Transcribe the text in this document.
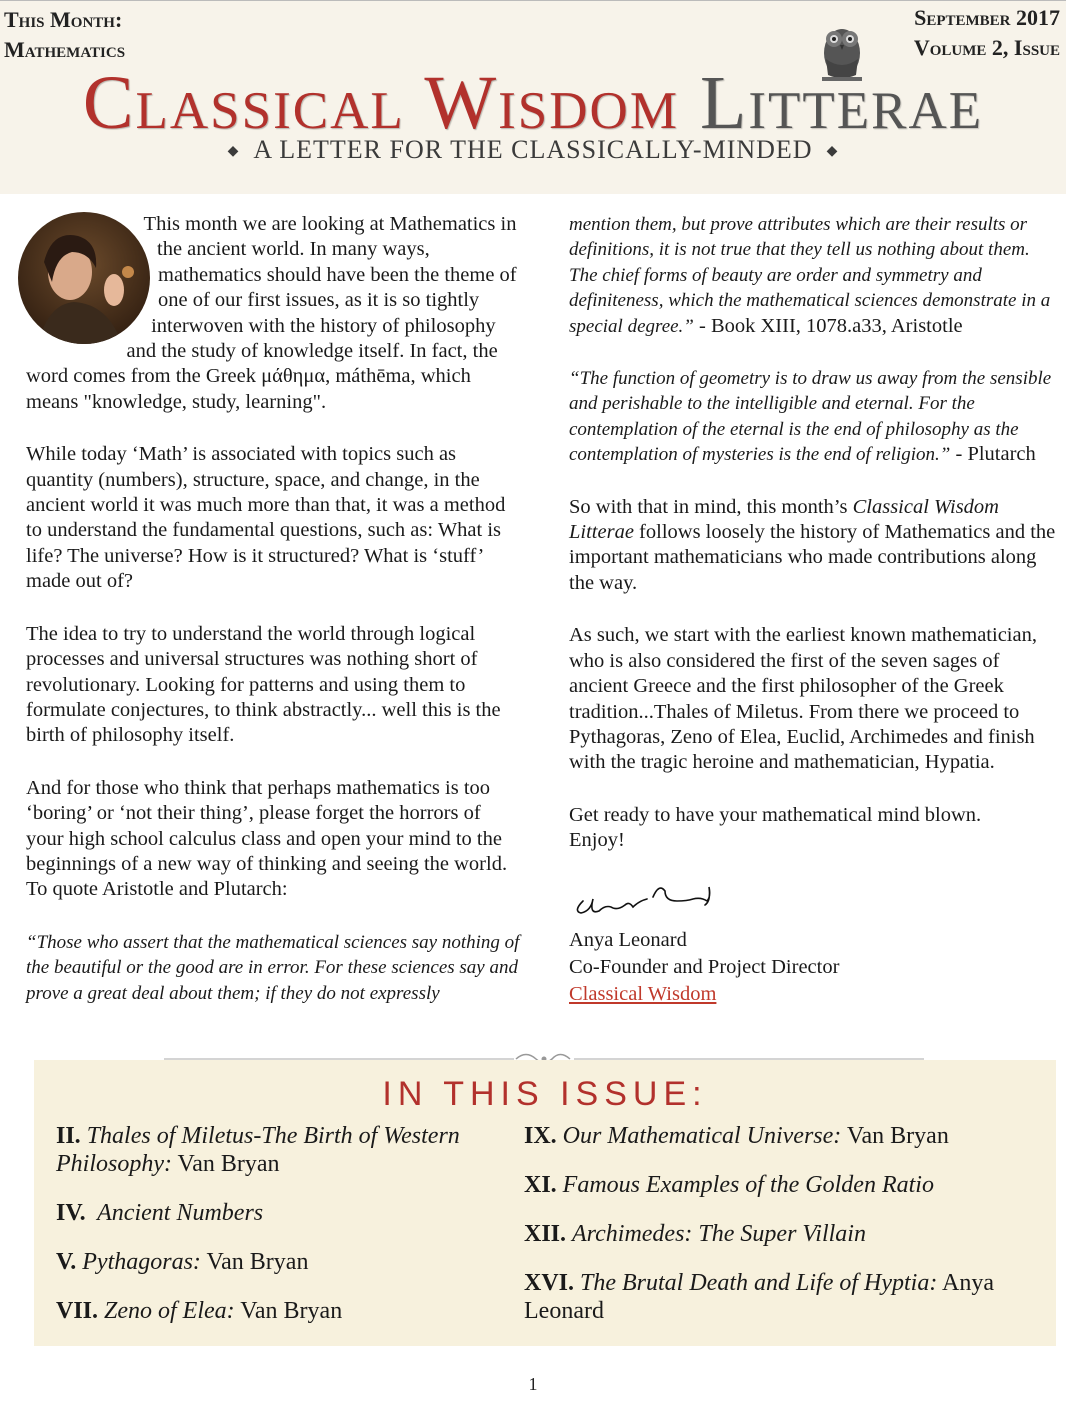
This Month:
Mathematics
September 2017
Volume 2, Issue
Classical Wisdom Litterae
◆ A LETTER FOR THE CLASSICALLY-MINDED ◆

This month we are looking at Mathematics in the ancient world. In many ways, mathematics should have been the theme of one of our first issues, as it is so tightly interwoven with the history of philosophy and the study of knowledge itself. In fact, the word comes from the Greek μάθημα, máthēma, which means "knowledge, study, learning".

While today ‘Math’ is associated with topics such as quantity (numbers), structure, space, and change, in the ancient world it was much more than that, it was a method to understand the fundamental questions, such as: What is life? The universe? How is it structured? What is ‘stuff’ made out of?

The idea to try to understand the world through logical processes and universal structures was nothing short of revolutionary. Looking for patterns and using them to formulate conjectures, to think abstractly... well this is the birth of philosophy itself.

And for those who think that perhaps mathematics is too ‘boring’ or ‘not their thing’, please forget the horrors of your high school calculus class and open your mind to the beginnings of a new way of thinking and seeing the world. To quote Aristotle and Plutarch:

“Those who assert that the mathematical sciences say nothing of the beautiful or the good are in error. For these sciences say and prove a great deal about them; if they do not expressly

mention them, but prove attributes which are their results or definitions, it is not true that they tell us nothing about them. The chief forms of beauty are order and symmetry and definiteness, which the mathematical sciences demonstrate in a special degree.” - Book XIII, 1078.a33, Aristotle

“The function of geometry is to draw us away from the sensible and perishable to the intelligible and eternal. For the contemplation of the eternal is the end of philosophy as the contemplation of mysteries is the end of religion.” - Plutarch

So with that in mind, this month’s Classical Wisdom Litterae follows loosely the history of Mathematics and the important mathematicians who made contributions along the way.

As such, we start with the earliest known mathematician, who is also considered the first of the seven sages of ancient Greece and the first philosopher of the Greek tradition...Thales of Miletus. From there we proceed to Pythagoras, Zeno of Elea, Euclid, Archimedes and finish with the tragic heroine and mathematician, Hypatia.

Get ready to have your mathematical mind blown.
Enjoy!

Anya Leonard
Co-Founder and Project Director
Classical Wisdom
IN THIS ISSUE:
II. Thales of Miletus-The Birth of Western Philosophy: Van Bryan
IV. Ancient Numbers
V. Pythagoras: Van Bryan
VII. Zeno of Elea: Van Bryan
IX. Our Mathematical Universe: Van Bryan
XI. Famous Examples of the Golden Ratio
XII. Archimedes: The Super Villain
XVI. The Brutal Death and Life of Hyptia: Anya Leonard
1
